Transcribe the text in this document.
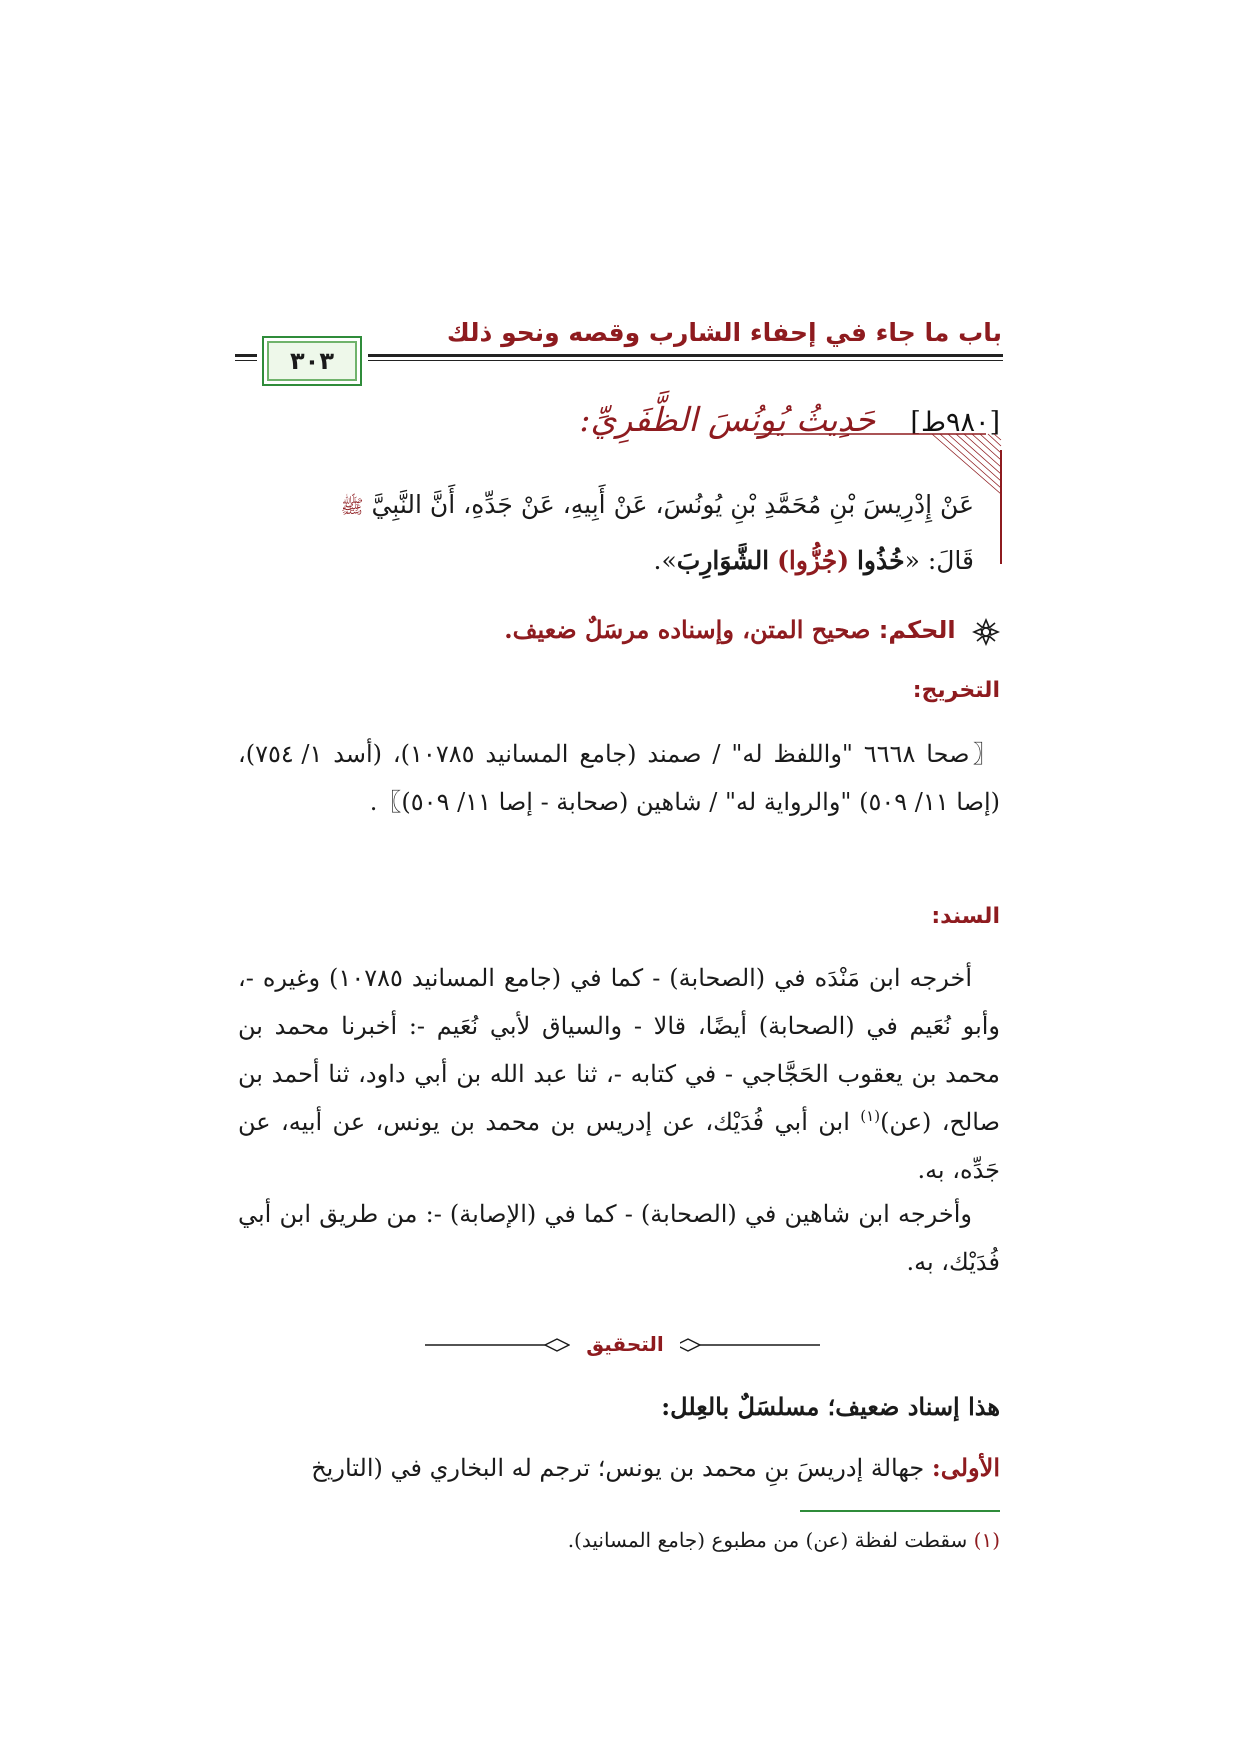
باب ما جاء في إحفاء الشارب وقصه ونحو ذلك
٣٠٣
[٩٨٠ط] حَدِيثُ يُونُسَ الظَّفَرِيِّ:
عَنْ إِدْرِيسَ بْنِ مُحَمَّدِ بْنِ يُونُسَ، عَنْ أَبِيهِ، عَنْ جَدِّهِ، أَنَّ النَّبِيَّ ﷺ
قَالَ: «خُذُوا (جُزُّوا) الشَّوَارِبَ».
الحكم: صحيح المتن، وإسناده مرسَلٌ ضعيف.
التخريج:
〖صحا ٦٦٦٨ "واللفظ له" / صمند (جامع المسانيد ١٠٧٨٥)، (أسد ١/ ٧٥٤)، (إصا ١١/ ٥٠٩) "والرواية له" / شاهين (صحابة - إصا ١١/ ٥٠٩)〗.
السند:
أخرجه ابن مَنْدَه في (الصحابة) - كما في (جامع المسانيد ١٠٧٨٥) وغيره -، وأبو نُعَيم في (الصحابة) أيضًا، قالا - والسياق لأبي نُعَيم -: أخبرنا محمد بن محمد بن يعقوب الحَجَّاجي - في كتابه -، ثنا عبد الله بن أبي داود، ثنا أحمد بن صالح، (عن)$^{(١)}$ ابن أبي فُدَيْك، عن إدريس بن محمد بن يونس، عن أبيه، عن جَدِّه، به.
وأخرجه ابن شاهين في (الصحابة) - كما في (الإصابة) -: من طريق ابن أبي فُدَيْك، به.
التحقيق
هذا إسناد ضعيف؛ مسلسَلٌ بالعِلل:
الأولى: جهالة إدريسَ بنِ محمد بن يونس؛ ترجم له البخاري في (التاريخ
(١) سقطت لفظة (عن) من مطبوع (جامع المسانيد).
